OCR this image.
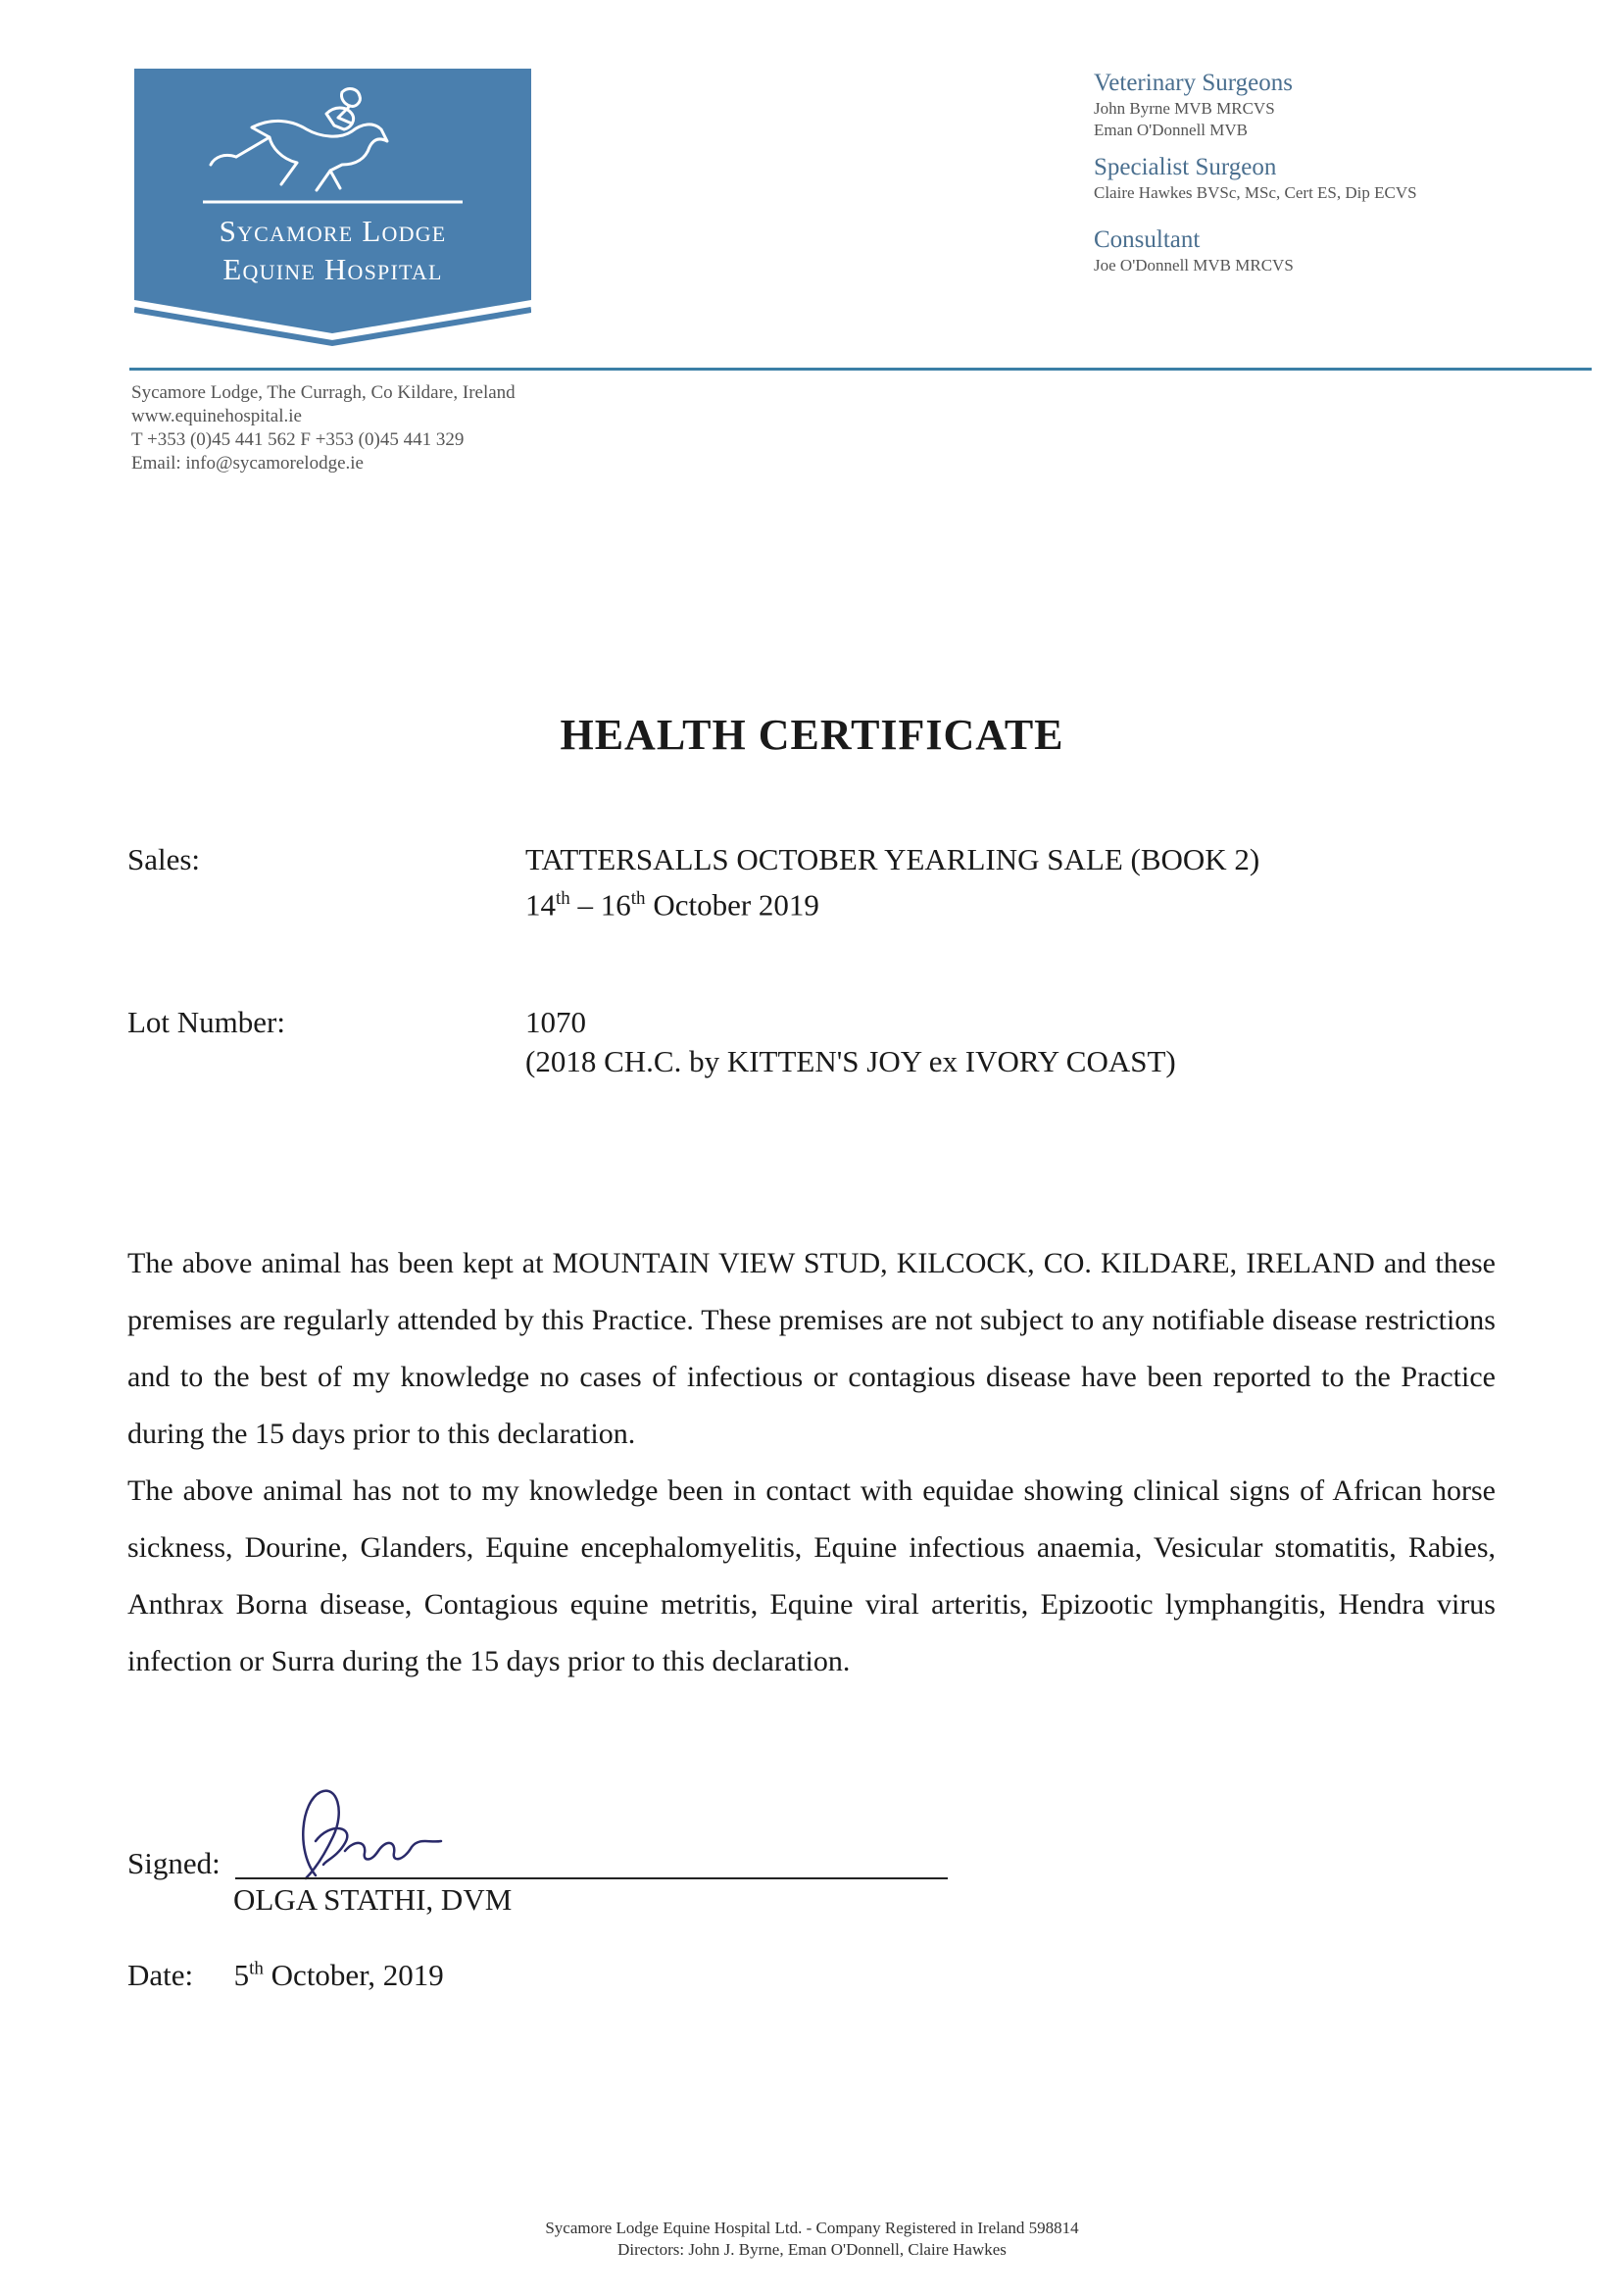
Sycamore Lodge
Equine Hospital
Veterinary Surgeons
John Byrne MVB MRCVS
Eman O'Donnell MVB
Specialist Surgeon
Claire Hawkes BVSc, MSc, Cert ES, Dip ECVS
Consultant
Joe O'Donnell MVB MRCVS
Sycamore Lodge, The Curragh, Co Kildare, Ireland
www.equinehospital.ie
T +353 (0)45 441 562 F +353 (0)45 441 329
Email: info@sycamorelodge.ie
HEALTH CERTIFICATE
Sales:	TATTERSALLS OCTOBER YEARLING SALE (BOOK 2)
14th – 16th October 2019
Lot Number:	1070
(2018 CH.C. by KITTEN'S JOY ex IVORY COAST)

The above animal has been kept at MOUNTAIN VIEW STUD, KILCOCK, CO. KILDARE, IRELAND and these premises are regularly attended by this Practice. These premises are not subject to any notifiable disease restrictions and to the best of my knowledge no cases of infectious or contagious disease have been reported to the Practice during the 15 days prior to this declaration.

The above animal has not to my knowledge been in contact with equidae showing clinical signs of African horse sickness, Dourine, Glanders, Equine encephalomyelitis, Equine infectious anaemia, Vesicular stomatitis, Rabies, Anthrax Borna disease, Contagious equine metritis, Equine viral arteritis, Epizootic lymphangitis, Hendra virus infection or Surra during the 15 days prior to this declaration.

Signed:
OLGA STATHI, DVM
Date: 5th October, 2019
Sycamore Lodge Equine Hospital Ltd. - Company Registered in Ireland 598814
Directors: John J. Byrne, Eman O'Donnell, Claire Hawkes
